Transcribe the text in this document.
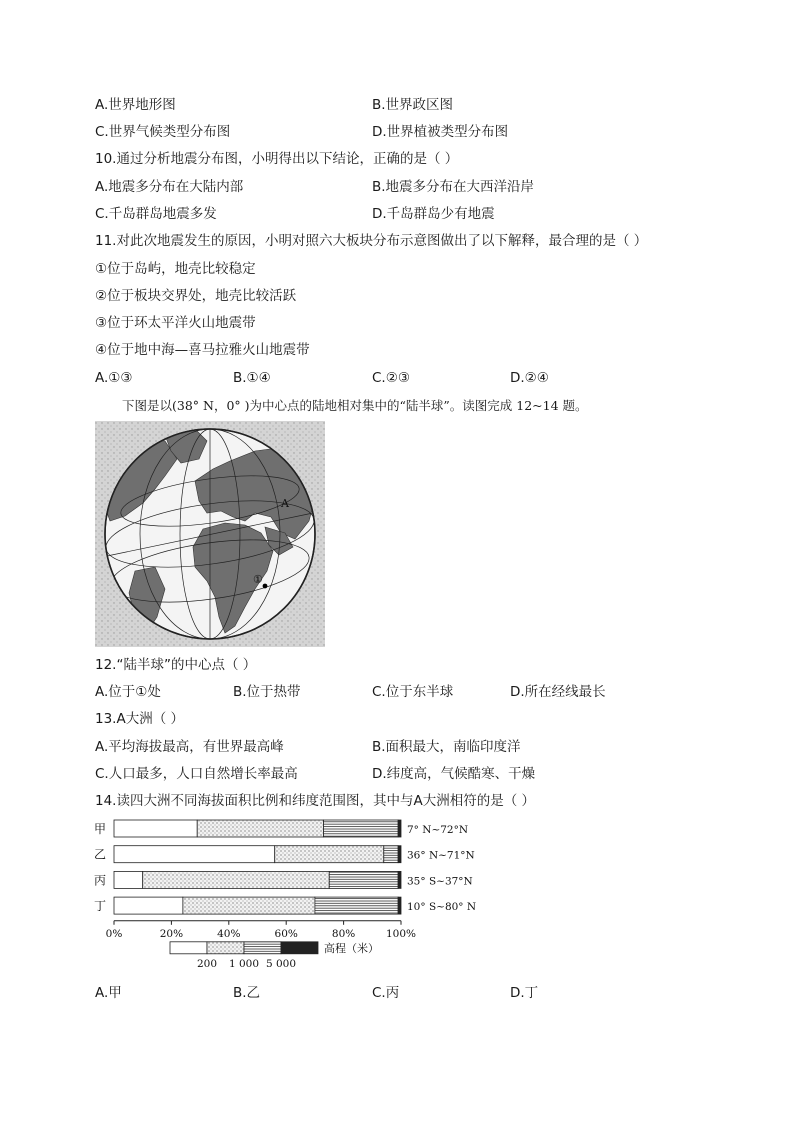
A.世界地形图	B.世界政区图
C.世界气候类型分布图	D.世界植被类型分布图
10.通过分析地震分布图，小明得出以下结论，正确的是（ ）
A.地震多分布在大陆内部	B.地震多分布在大西洋沿岸
C.千岛群岛地震多发	D.千岛群岛少有地震
11.对此次地震发生的原因，小明对照六大板块分布示意图做出了以下解释，最合理的是（ ）
①位于岛屿，地壳比较稳定
②位于板块交界处，地壳比较活跃
③位于环太平洋火山地震带
④位于地中海—喜马拉雅火山地震带
A.①③	B.①④	C.②③	D.②④
下图是以(38° N，0° )为中心点的陆地相对集中的“陆半球”。读图完成 12~14 题。
A
①
12.“陆半球”的中心点（ ）
A.位于①处	B.位于热带	C.位于东半球	D.所在经线最长
13.A大洲（ ）
A.平均海拔最高，有世界最高峰	B.面积最大，南临印度洋
C.人口最多，人口自然增长率最高	D.纬度高，气候酷寒、干燥
14.读四大洲不同海拔面积比例和纬度范围图，其中与A大洲相符的是（ ）
甲	7° N~72°N
乙	36° N~71°N
丙	35° S~37°N
丁	10° S~80° N
0%	20%	40%	60%	80%	100%
高程（米）
200 1 000 5 000
A.甲	B.乙	C.丙	D.丁
